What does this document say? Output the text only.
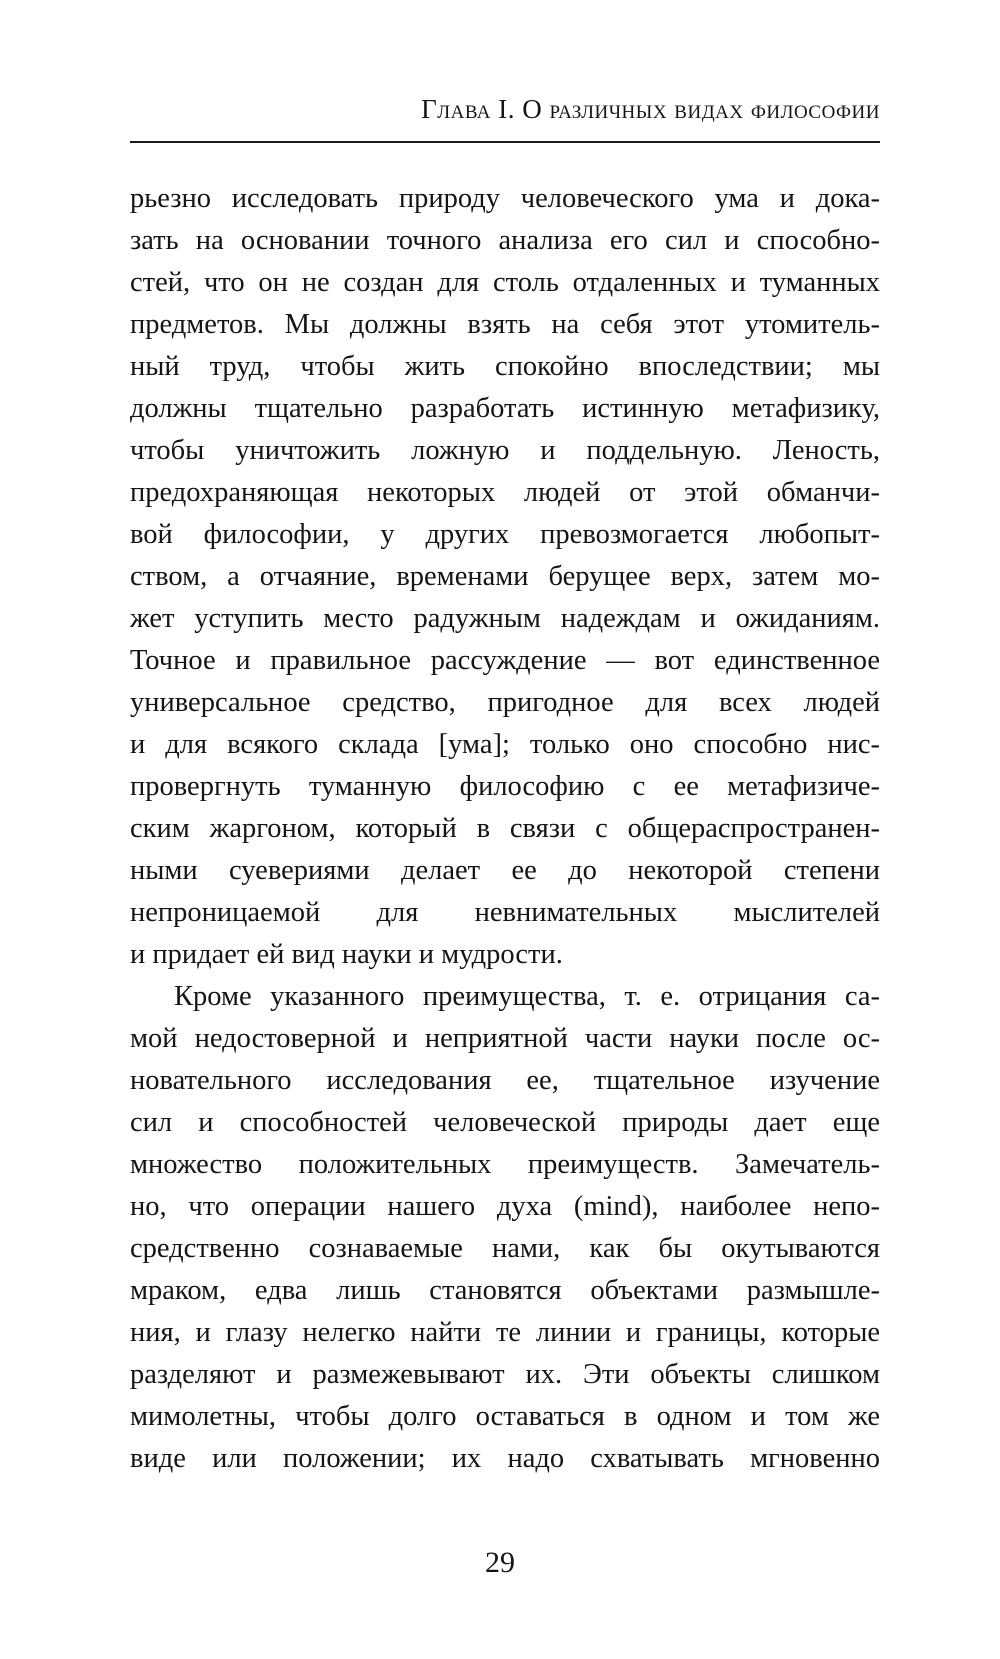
Глава I. О различных видах философии
рьезно исследовать природу человеческого ума и дока-
зать на основании точного анализа его сил и способно-
стей, что он не создан для столь отдаленных и туманных
предметов. Мы должны взять на себя этот утомитель-
ный труд, чтобы жить спокойно впоследствии; мы
должны тщательно разработать истинную метафизику,
чтобы уничтожить ложную и поддельную. Леность,
предохраняющая некоторых людей от этой обманчи-
вой философии, у других превозмогается любопыт-
ством, а отчаяние, временами берущее верх, затем мо-
жет уступить место радужным надеждам и ожиданиям.
Точное и правильное рассуждение — вот единственное
универсальное средство, пригодное для всех людей
и для всякого склада [ума]; только оно способно нис-
провергнуть туманную философию с ее метафизиче-
ским жаргоном, который в связи с общераспространен-
ными суевериями делает ее до некоторой степени
непроницаемой для невнимательных мыслителей
и придает ей вид науки и мудрости.
Кроме указанного преимущества, т. е. отрицания са-
мой недостоверной и неприятной части науки после ос-
новательного исследования ее, тщательное изучение
сил и способностей человеческой природы дает еще
множество положительных преимуществ. Замечатель-
но, что операции нашего духа (mind), наиболее непо-
средственно сознаваемые нами, как бы окутываются
мраком, едва лишь становятся объектами размышле-
ния, и глазу нелегко найти те линии и границы, которые
разделяют и размежевывают их. Эти объекты слишком
мимолетны, чтобы долго оставаться в одном и том же
виде или положении; их надо схватывать мгновенно
29
